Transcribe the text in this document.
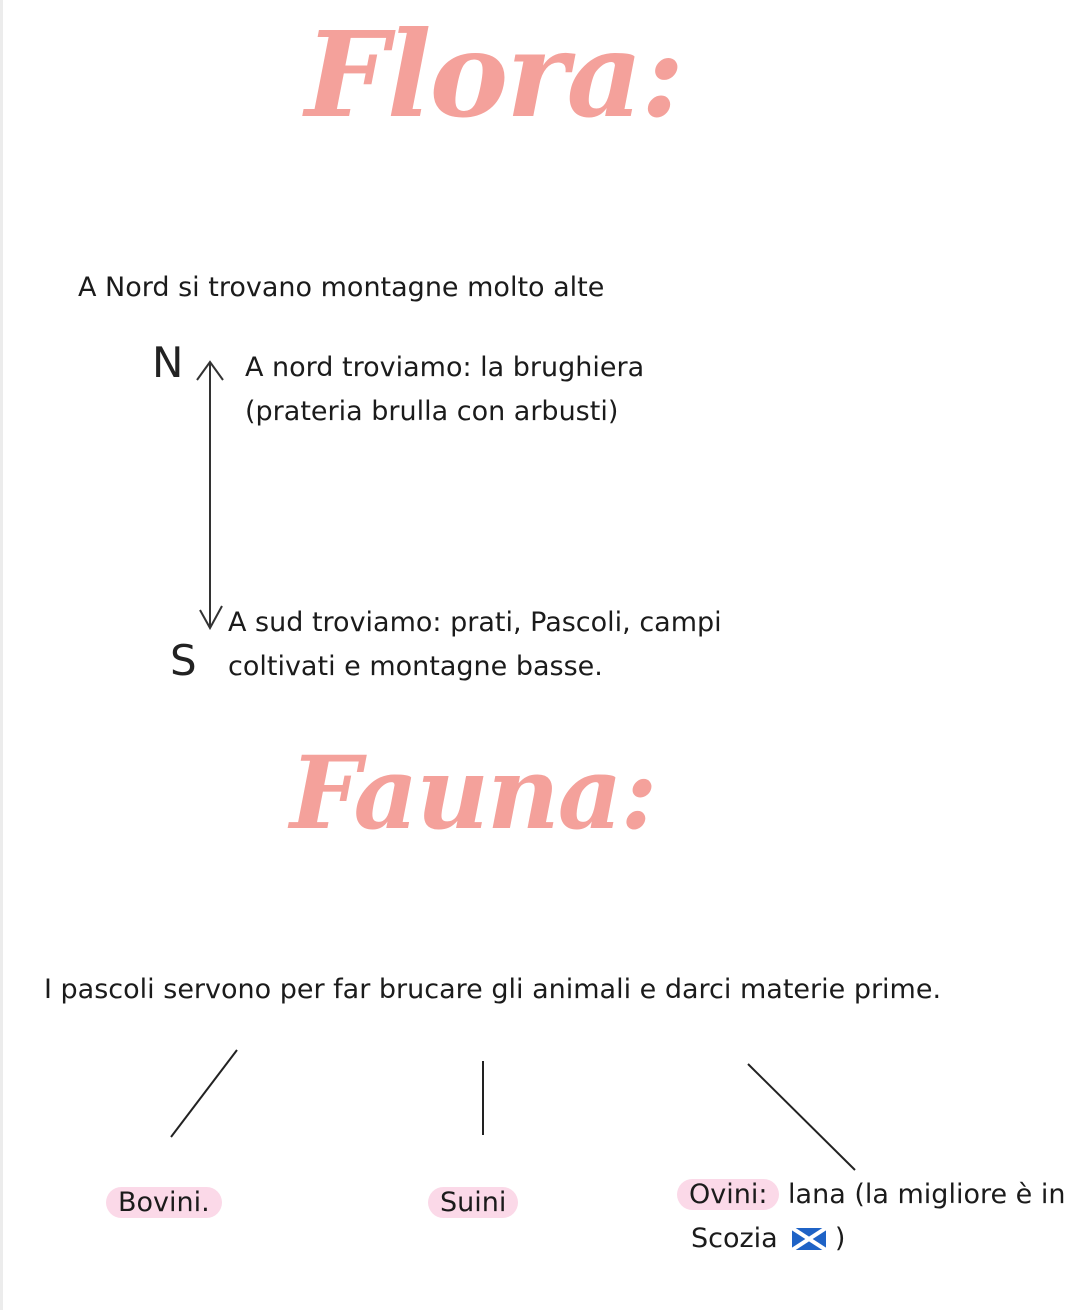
Flora:
A Nord si trovano montagne molto alte
N
S
A nord troviamo: la brughiera
(prateria brulla con arbusti)
A sud troviamo: prati, Pascoli, campi
coltivati e montagne basse.
Fauna:
I pascoli servono per far brucare gli animali e darci materie prime.
Bovini.	Suini	Ovini: lana (la migliore è in
Scozia )
